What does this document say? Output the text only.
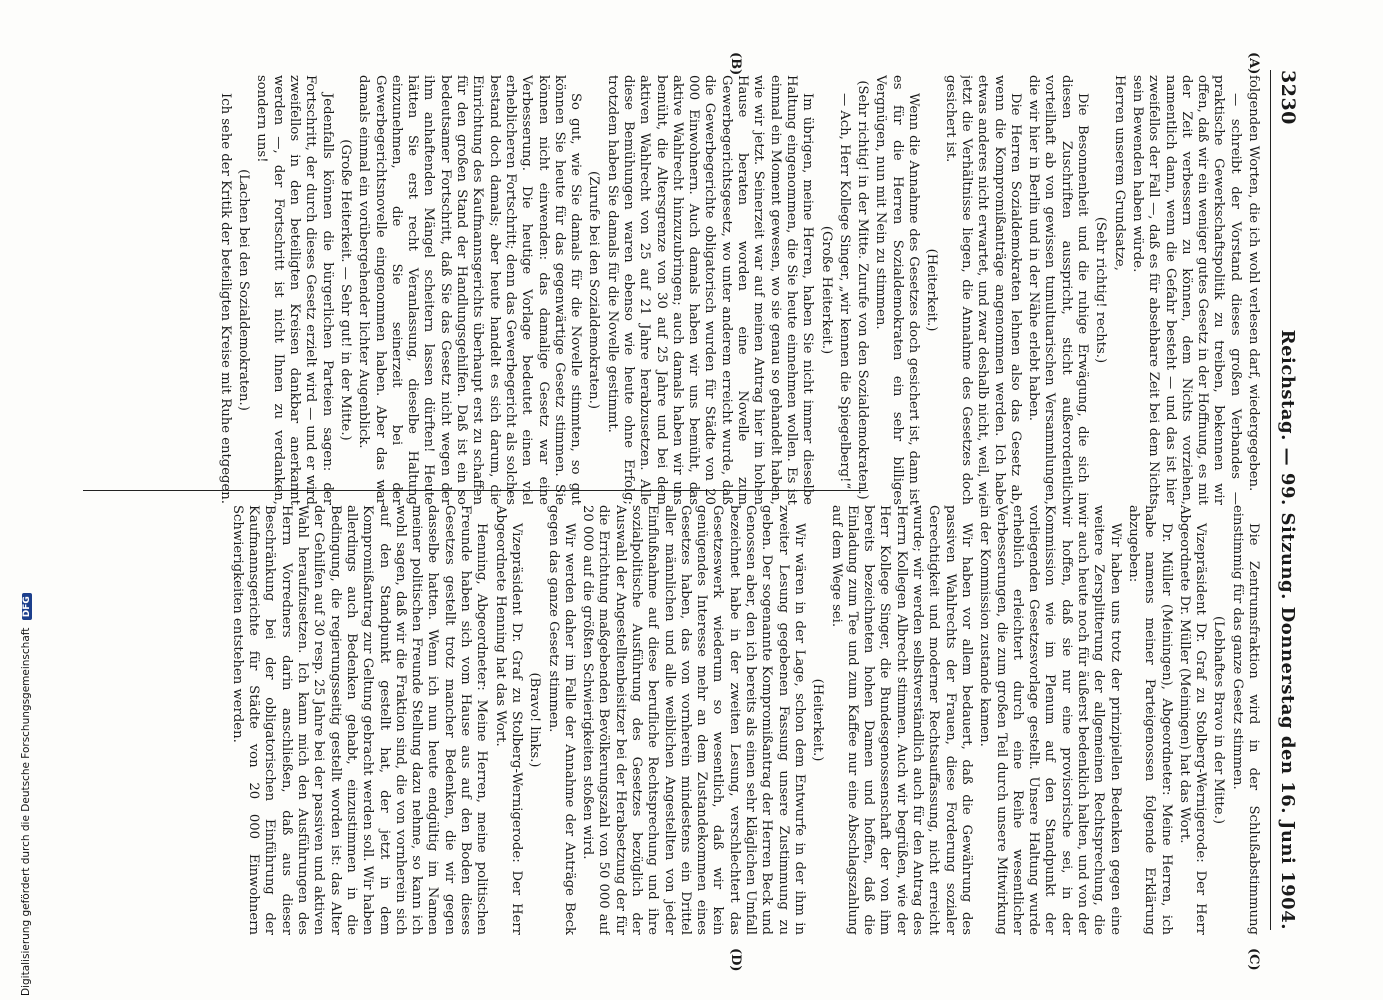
3230
Reichstag. — 99. Sitzung. Donnerstag den 16. Juni 1904.
(A)
(B)
(C)
(D)

folgenden Worten, die ich wohl verlesen darf, wiedergegeben.

— schreibt der Vorstand dieses großen Verbandes — praktische Gewerkschaftspolitik zu treiben, bekennen wir offen, daß wir ein weniger gutes Gesetz in der Hoffnung, es mit der Zeit verbessern zu können, dem Nichts vorziehen, namentlich dann, wenn die Gefahr besteht — und das ist hier zweifellos der Fall —, daß es für absehbare Zeit bei dem Nichts sein Bewenden haben würde.

Herren unserem Grundsatze,

(Sehr richtig! rechts.)

Die Besonnenheit und die ruhige Erwägung, die sich in diesen Zuschriften ausspricht, sticht außerordentlich vorteilhaft ab von gewissen tumultuarischen Versammlungen, die wir hier in Berlin und in der Nähe erlebt haben.

Die Herren Sozialdemokraten lehnen also das Gesetz ab, wenn die Kompromißanträge angenommen werden. Ich habe etwas anderes nicht erwartet, und zwar deshalb nicht, weil, wie jetzt die Verhältnisse liegen, die Annahme des Gesetzes doch gesichert ist.

(Heiterkeit.)

Wenn die Annahme des Gesetzes doch gesichert ist, dann ist es für die Herren Sozialdemokraten ein sehr billiges Vergnügen, nun mit Nein zu stimmen.

(Sehr richtig! in der Mitte. Zurufe von den Sozialdemokraten.)

— Ach, Herr Kollege Singer, „wir kennen die Spiegelberg!“

(Große Heiterkeit.)

Im übrigen, meine Herren, haben Sie nicht immer dieselbe Haltung eingenommen, die Sie heute einnehmen wollen. Es ist einmal ein Moment gewesen, wo sie genau so gehandelt haben, wie wir jetzt. Seinerzeit war auf meinen Antrag hier im hohen Hause beraten worden eine Novelle zum Gewerbegerichtsgesetz, wo unter anderem erreicht wurde, daß die Gewerbegerichte obligatorisch wurden für Städte von 20 000 Einwohnern. Auch damals haben wir uns bemüht, das aktive Wahlrecht hinzuzubringen; auch damals haben wir uns bemüht, die Altersgrenze von 30 auf 25 Jahre und bei dem aktiven Wahlrecht von 25 auf 21 Jahre herabzusetzen. Alle diese Bemühungen waren ebenso wie heute ohne Erfolg; trotzdem haben Sie damals für die Novelle gestimmt.

(Zurufe bei den Sozialdemokraten.)

So gut, wie Sie damals für die Novelle stimmten, so gut können Sie heute für das gegenwärtige Gesetz stimmen. Sie können nicht einwenden: das damalige Gesetz war eine Verbesserung. Die heutige Vorlage bedeutet einen viel erheblicheren Fortschritt; denn das Gewerbegericht als solches bestand doch damals; aber heute handelt es sich darum, die Einrichtung des Kaufmannsgerichts überhaupt erst zu schaffen für den großen Stand der Handlungsgehilfen. Daß ist ein so bedeutsamer Fortschritt, daß Sie das Gesetz nicht wegen der ihm anhaftenden Mängel scheitern lassen dürften! Heute hätten Sie erst recht Veranlassung, dieselbe Haltung einzunehmen, die Sie seinerzeit bei der Gewerbegerichtsnovelle eingenommen haben. Aber das war damals einmal ein vorübergehender lichter Augenblick.

(Große Heiterkeit. — Sehr gut! in der Mitte.)

Jedenfalls können die bürgerlichen Parteien sagen: der Fortschritt, der durch dieses Gesetz erzielt wird — und er wird zweifellos in den beteiligten Kreisen dankbar anerkannt werden —, der Fortschritt ist nicht Ihnen zu verdanken, sondern uns!

(Lachen bei den Sozialdemokraten.)

Ich sehe der Kritik der beteiligten Kreise mit Ruhe entgegen.

Die Zentrumsfraktion wird in der Schlußabstimmung einstimmig für das ganze Gesetz stimmen.

(Lebhaftes Bravo in der Mitte.)

Vizepräsident Dr. Graf zu Stolberg-Wernigerode: Der Herr Abgeordnete Dr. Müller (Meiningen) hat das Wort.

Dr. Müller (Meiningen), Abgeordneter: Meine Herren, ich habe namens meiner Parteigenossen folgende Erklärung abzugeben:

Wir haben uns trotz der prinzipiellen Bedenken gegen eine weitere Zersplitterung der allgemeinen Rechtsprechung, die wir auch heute noch für äußerst bedenklich halten, und von der wir hoffen, daß sie nur eine provisorische sei, in der Kommission wie im Plenum auf den Standpunkt der vorliegenden Gesetzesvorlage gestellt. Unsere Haltung wurde erheblich erleichtert durch eine Reihe wesentlicher Verbesserungen, die zum großen Teil durch unsere Mitwirkung in der Kommission zustande kamen.

Wir haben vor allem bedauert, daß die Gewährung des passiven Wahlrechts der Frauen, diese Forderung sozialer Gerechtigkeit und moderner Rechtsauffassung, nicht erreicht wurde; wir werden selbstverständlich auch für den Antrag des Herrn Kollegen Albrecht stimmen. Auch wir begrüßen, wie der Herr Kollege Singer, die Bundesgenossenschaft der von ihm bereits bezeichneten hohen Damen und hoffen, daß die Einladung zum Tee und zum Kaffee nur eine Abschlagszahlung auf dem Wege sei.

(Heiterkeit.)

Wir wären in der Lage, schon dem Entwurfe in der ihm in zweiter Lesung gegebenen Fassung unsere Zustimmung zu geben. Der sogenannte Kompromißantrag der Herren Beck und Genossen aber, den ich bereits als einen sehr kläglichen Umfall bezeichnet habe in der zweiten Lesung, verschlechtert das Gesetzeswerk wiederum so wesentlich, daß wir kein genügendes Interesse mehr an dem Zustandekommen eines Gesetzes haben, das von vornherein mindestens ein Drittel aller männlichen und alle weiblichen Angestellten von jeder Einflußnahme auf diese berufliche Rechtsprechung und ihre sozialpolitische Ausführung des Gesetzes bezüglich der Auswahl der Angestelltenbeisitzer bei der Herabsetzung der für die Errichtung maßgebenden Bevölkerungszahl von 50 000 auf 20 000 auf die größten Schwierigkeiten stoßen wird.

Wir werden daher im Falle der Annahme der Anträge Beck gegen das ganze Gesetz stimmen.

(Bravo! links.)

Vizepräsident Dr. Graf zu Stolberg-Wernigerode: Der Herr Abgeordnete Henning hat das Wort.

Henning, Abgeordneter: Meine Herren, meine politischen Freunde haben sich vom Hause aus auf den Boden dieses Gesetzes gestellt trotz mancher Bedenken, die wir gegen dasselbe hatten. Wenn ich nun heute endgültig im Namen meiner politischen Freunde Stellung dazu nehme, so kann ich wohl sagen, daß wir die Fraktion sind, die von vornherein sich auf den Standpunkt gestellt hat, der jetzt in dem Kompromißantrag zur Geltung gebracht werden soll. Wir haben allerdings auch Bedenken gehabt, einzustimmen in die Bedingung, die regierungsseitig gestellt worden ist: das Alter der Gehilfen auf 30 resp. 25 Jahre bei der passiven und aktiven Wahl heraufzusetzen. Ich kann mich den Ausführungen des Herrn Vorredners darin anschließen, daß aus dieser Beschränkung bei der obligatorischen Einführung der Kaufmannsgerichte für Städte von 20 000 Einwohnern Schwierigkeiten entstehen werden.

Digitalisierung gefördert durch die Deutsche Forschungsgemeinschaft DFG
